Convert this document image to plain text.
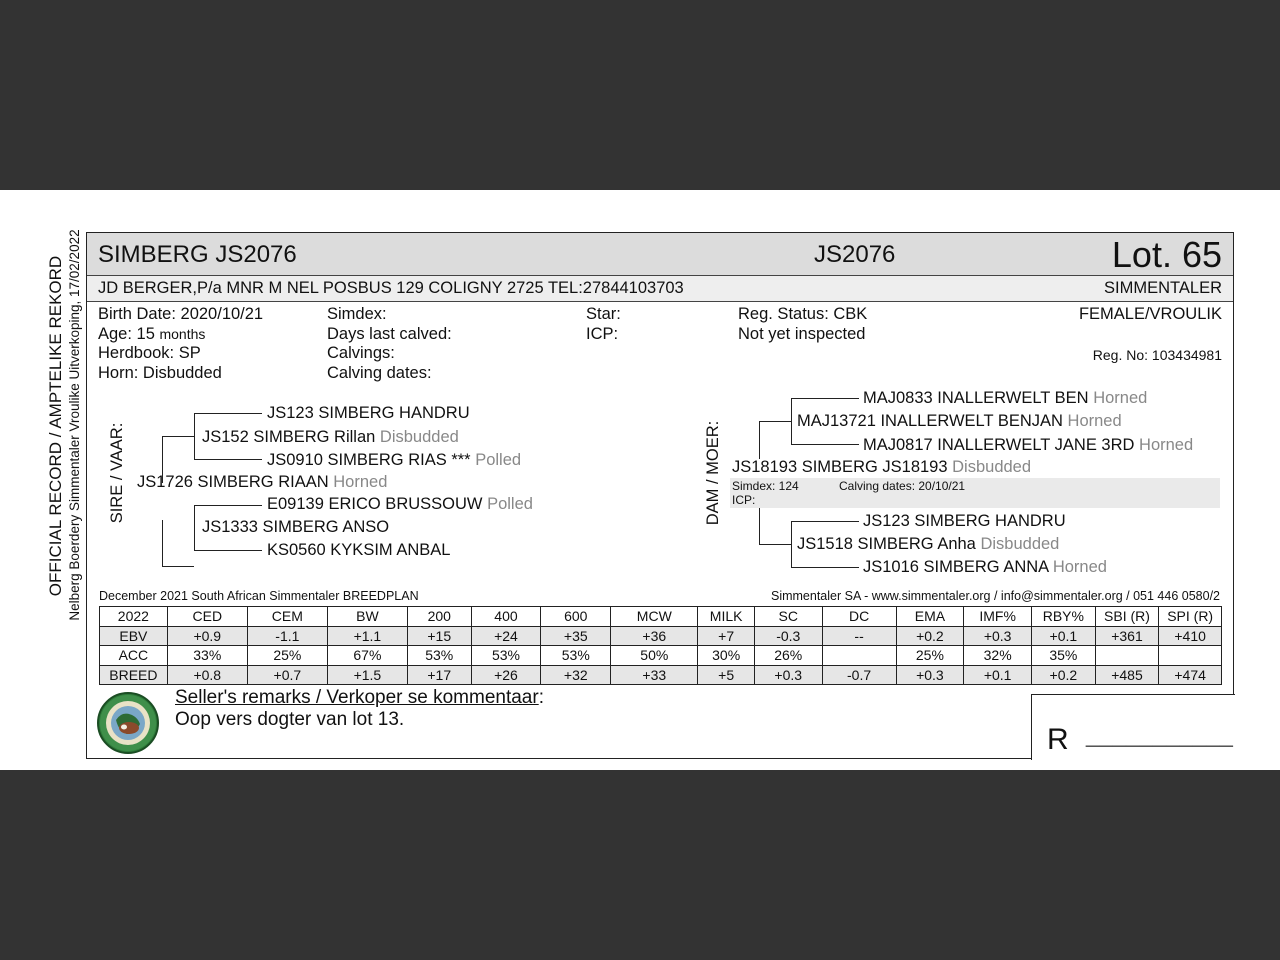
OFFICIAL RECORD / AMPTELIKE REKORD Nelberg Boerdery Simmentaler Vroulike Uitverkoping, 17/02/2022 SIMBERG JS2076	JS2076	Lot. 65
JD BERGER,P/a MNR M NEL POSBUS 129 COLIGNY 2725 TEL:27844103703	SIMMENTALER
Birth Date: 2020/10/21
Age: 15 months
Herdbook: SP
Horn: Disbudded
Simdex:
Days last calved:
Calvings:
Calving dates:
Star:
ICP:
Reg. Status: CBK
Not yet inspected
FEMALE/VROULIK
Reg. No: 103434981
SIRE / VAAR:
JS123 SIMBERG HANDRU
JS152 SIMBERG Rillan Disbudded
JS0910 SIMBERG RIAS *** Polled
JS1726 SIMBERG RIAAN Horned
E09139 ERICO BRUSSOUW Polled
JS1333 SIMBERG ANSO
KS0560 KYKSIM ANBAL
DAM / MOER:
MAJ0833 INALLERWELT BEN Horned
MAJ13721 INALLERWELT BENJAN Horned
MAJ0817 INALLERWELT JANE 3RD Horned
JS18193 SIMBERG JS18193 Disbudded
Simdex: 124	Calving dates: 20/10/21
ICP:
JS123 SIMBERG HANDRU
JS1518 SIMBERG Anha Disbudded
JS1016 SIMBERG ANNA Horned
December 2021 South African Simmentaler BREEDPLAN	Simmentaler SA - www.simmentaler.org / info@simmentaler.org / 051 446 0580/2
2022	CED	CEM	BW	200	400	600	MCW	MILK	SC	DC	EMA	IMF%	RBY%	SBI (R)	SPI (R)
EBV	+0.9	-1.1	+1.1	+15	+24	+35	+36	+7	-0.3	--	+0.2	+0.3	+0.1	+361	+410
ACC	33%	25%	67%	53%	53%	53%	50%	30%	26%		25%	32%	35%		
BREED	+0.8	+0.7	+1.5	+17	+26	+32	+33	+5	+0.3	-0.7	+0.3	+0.1	+0.2	+485	+474
Seller's remarks / Verkoper se kommentaar:
Oop vers dogter van lot 13.
R ___________
